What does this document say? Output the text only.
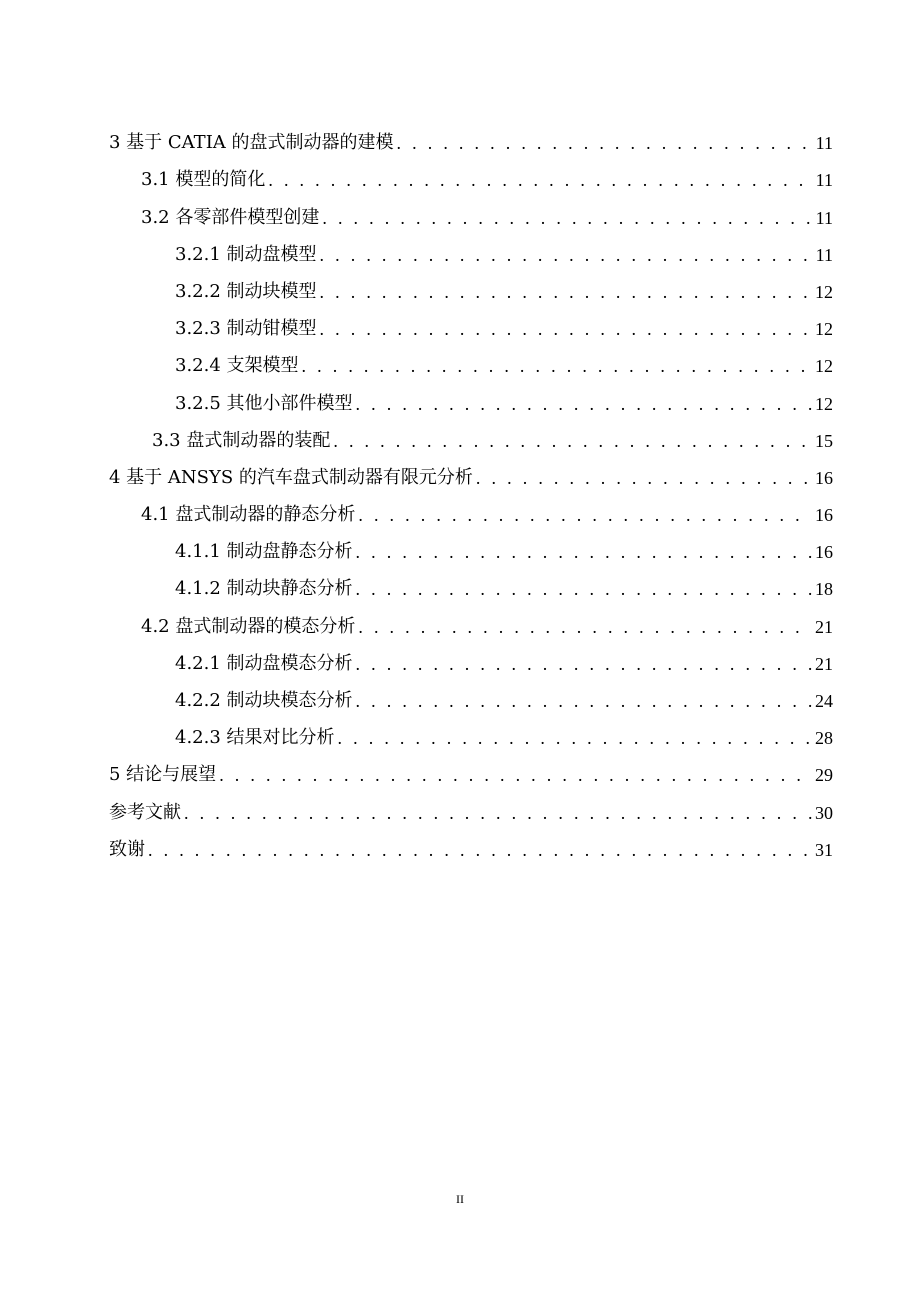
3 基于 CATIA 的盘式制动器的建模 . . .	11
3.1 模型的简化 . . .	11
3.2 各零部件模型创建 . . .	11
3.2.1 制动盘模型 . . .	11
3.2.2 制动块模型 . . .	12
3.2.3 制动钳模型 . . .	12
3.2.4 支架模型 . . .	12
3.2.5 其他小部件模型 . . .	12
3.3 盘式制动器的装配 . . .	15
4 基于 ANSYS 的汽车盘式制动器有限元分析 . . .	16
4.1 盘式制动器的静态分析 . . .	16
4.1.1 制动盘静态分析 . . .	16
4.1.2 制动块静态分析 . . .	18
4.2 盘式制动器的模态分析 . . .	21
4.2.1 制动盘模态分析 . . .	21
4.2.2 制动块模态分析 . . .	24
4.2.3 结果对比分析 . . .	28
5 结论与展望 . . .	29
参考文献 . . .	30
致谢 . . .	31
II
